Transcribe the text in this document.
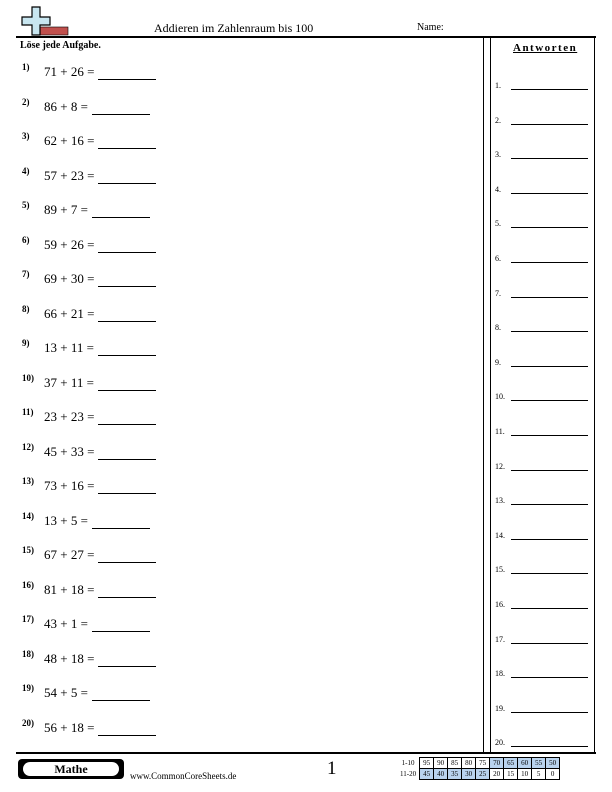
Addieren im Zahlenraum bis 100	Name:
Löse jede Aufgabe.
1) 71 + 26 =
2) 86 + 8 =
3) 62 + 16 =
4) 57 + 23 =
5) 89 + 7 =
6) 59 + 26 =
7) 69 + 30 =
8) 66 + 21 =
9) 13 + 11 =
10) 37 + 11 =
11) 23 + 23 =
12) 45 + 33 =
13) 73 + 16 =
14) 13 + 5 =
15) 67 + 27 =
16) 81 + 18 =
17) 43 + 1 =
18) 48 + 18 =
19) 54 + 5 =
20) 56 + 18 =
Antworten
1.
2.
3.
4.
5.
6.
7.
8.
9.
10.
11.
12.
13.
14.
15.
16.
17.
18.
19.
20.
Mathe	www.CommonCoreSheets.de	1	1-10	95	90	85	80	75	70	65	60	55	50
11-20	45	40	35	30	25	20	15	10	5	0
